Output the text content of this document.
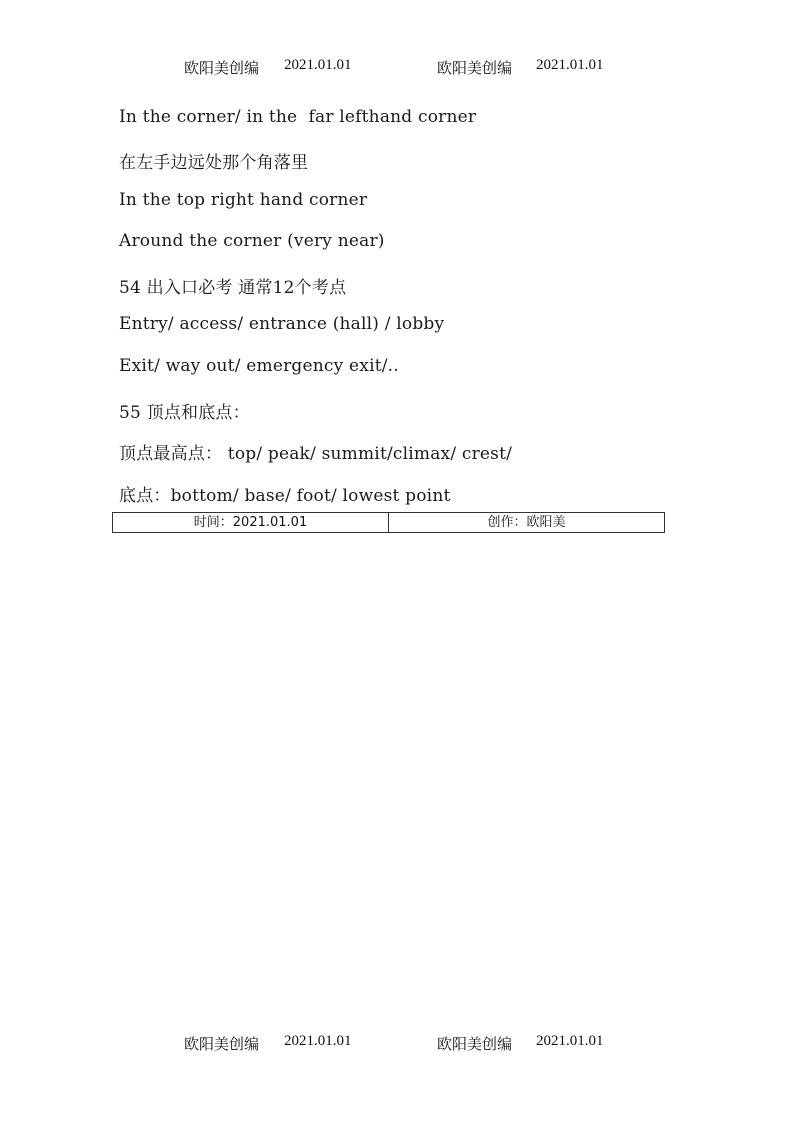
欧阳美创编 2021.01.01	欧阳美创编 2021.01.01
In the corner/ in the  far lefthand corner
在左手边远处那个角落里
In the top right hand corner
Around the corner (very near)
54 出入口必考 通常12个考点
Entry/ access/ entrance (hall) / lobby
Exit/ way out/ emergency exit/..
55 顶点和底点：
顶点最高点： top/ peak/ summit/climax/ crest/
底点：bottom/ base/ foot/ lowest point
时间：2021.01.01	创作：欧阳美
欧阳美创编 2021.01.01	欧阳美创编 2021.01.01
